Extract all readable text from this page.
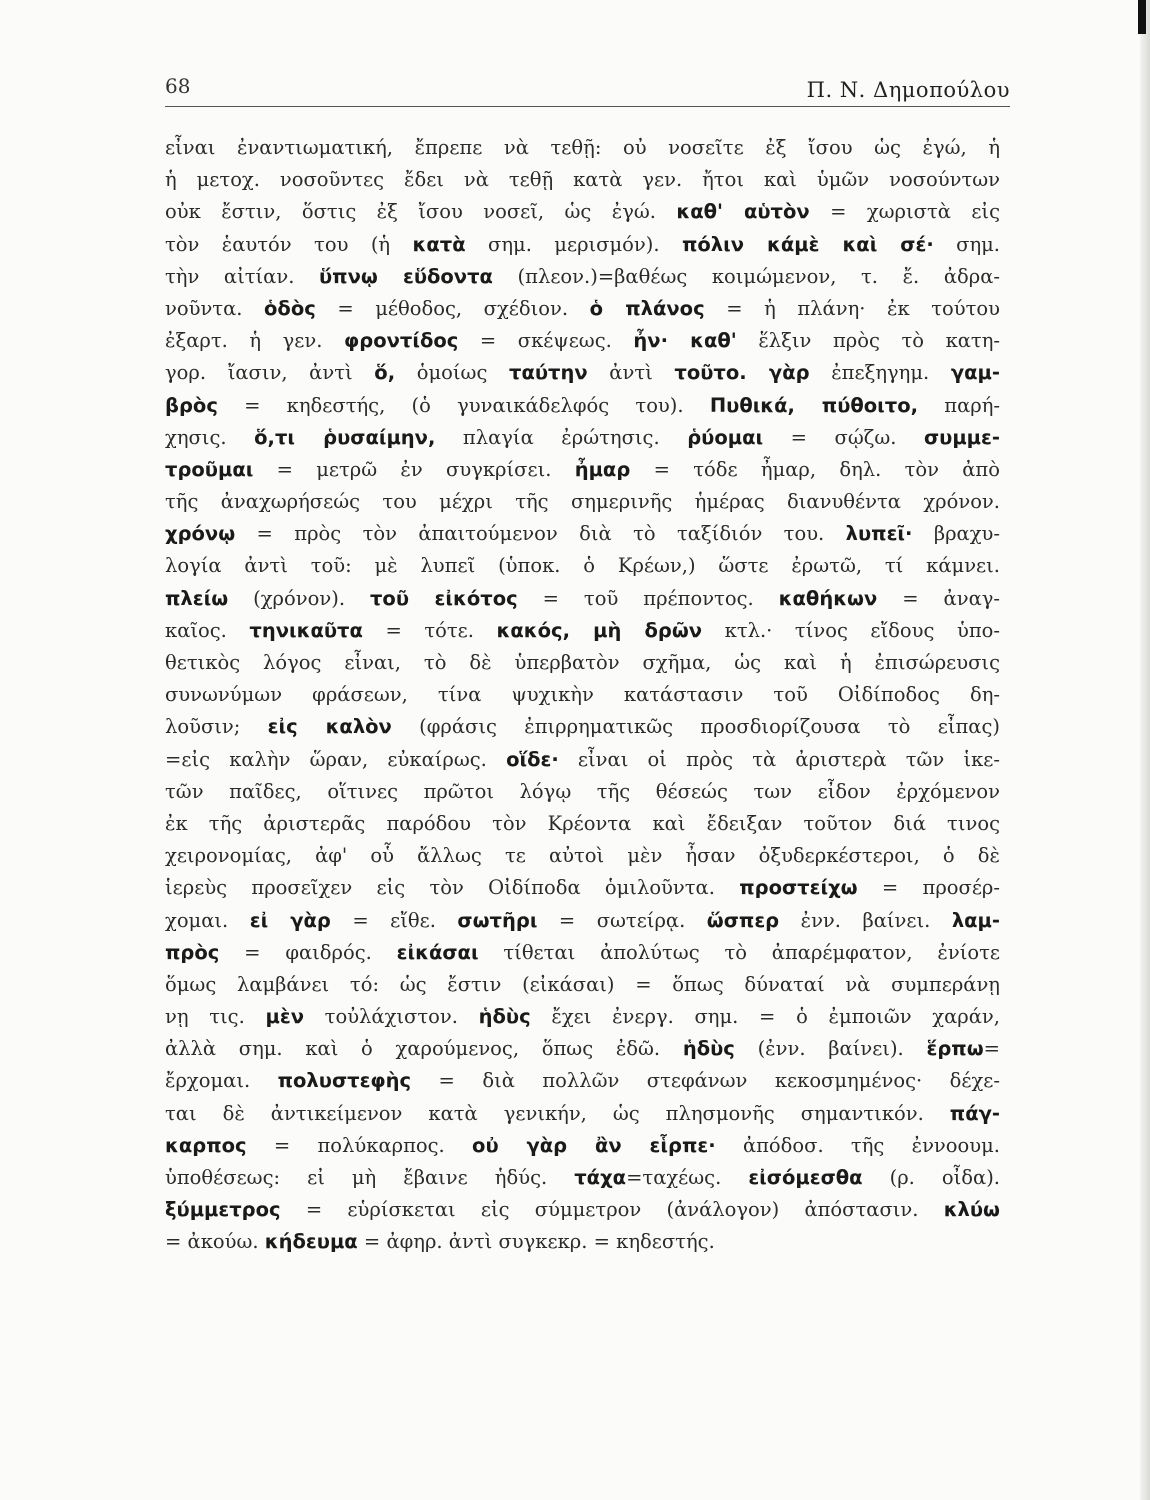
68	Π. Ν. Δημοπούλου
εἶναι ἐναντιωματική, ἔπρεπε νὰ τεθῇ: οὐ νοσεῖτε ἐξ ἴσου ὡς ἐγώ, ἡ
ἡ μετοχ. νοσοῦντες ἔδει νὰ τεθῇ κατὰ γεν. ἤτοι καὶ ὑμῶν νοσούντων
οὐκ ἔστιν, ὅστις ἐξ ἴσου νοσεῖ, ὡς ἐγώ. καθ' αὑτὸν = χωριστὰ εἰς
τὸν ἑαυτόν του (ἡ κατὰ σημ. μερισμόν). πόλιν κάμὲ καὶ σέ· σημ.
τὴν αἰτίαν. ὕπνῳ εὕδοντα (πλεον.)=βαθέως κοιμώμενον, τ. ἔ. ἀδρα-
νοῦντα. ὁδὸς = μέθοδος, σχέδιον. ὁ πλάνος = ἡ πλάνη· ἐκ τούτου
ἐξαρτ. ἡ γεν. φροντίδος = σκέψεως. ἦν· καθ' ἕλξιν πρὸς τὸ κατη-
γορ. ἴασιν, ἀντὶ ὅ, ὁμοίως ταύτην ἀντὶ τοῦτο. γὰρ ἐπεξηγημ. γαμ-
βρὸς = κηδεστής, (ὁ γυναικάδελφός του). Πυθικά, πύθοιτο, παρή-
χησις. ὅ,τι ῥυσαίμην, πλαγία ἐρώτησις. ῥύομαι = σῴζω. συμμε-
τροῦμαι = μετρῶ ἐν συγκρίσει. ἦμαρ = τόδε ἦμαρ, δηλ. τὸν ἀπὸ
τῆς ἀναχωρήσεώς του μέχρι τῆς σημερινῆς ἡμέρας διανυθέντα χρόνον.
χρόνῳ = πρὸς τὸν ἀπαιτούμενον διὰ τὸ ταξίδιόν του. λυπεῖ· βραχυ-
λογία ἀντὶ τοῦ: μὲ λυπεῖ (ὑποκ. ὁ Κρέων,) ὥστε ἐρωτῶ, τί κάμνει.
πλείω (χρόνον). τοῦ εἰκότος = τοῦ πρέποντος. καθήκων = ἀναγ-
καῖος. τηνικαῦτα = τότε. κακός, μὴ δρῶν κτλ.· τίνος εἴδους ὑπο-
θετικὸς λόγος εἶναι, τὸ δὲ ὑπερβατὸν σχῆμα, ὡς καὶ ἡ ἐπισώρευσις
συνωνύμων φράσεων, τίνα ψυχικὴν κατάστασιν τοῦ Οἰδίποδος δη-
λοῦσιν; εἰς καλὸν (φράσις ἐπιρρηματικῶς προσδιορίζουσα τὸ εἶπας)
=εἰς καλὴν ὥραν, εὐκαίρως. οἵδε· εἶναι οἱ πρὸς τὰ ἀριστερὰ τῶν ἱκε-
τῶν παῖδες, οἵτινες πρῶτοι λόγῳ τῆς θέσεώς των εἶδον ἐρχόμενον
ἐκ τῆς ἀριστερᾶς παρόδου τὸν Κρέοντα καὶ ἔδειξαν τοῦτον διά τινος
χειρονομίας, ἀφ' οὗ ἄλλως τε αὐτοὶ μὲν ἦσαν ὀξυδερκέστεροι, ὁ δὲ
ἱερεὺς προσεῖχεν εἰς τὸν Οἰδίποδα ὁμιλοῦντα. προστείχω = προσέρ-
χομαι. εἰ γὰρ = εἴθε. σωτῆρι = σωτείρᾳ. ὥσπερ ἐνν. βαίνει. λαμ-
πρὸς = φαιδρός. εἰκάσαι τίθεται ἀπολύτως τὸ ἀπαρέμφατον, ἐνίοτε
ὅμως λαμβάνει τό: ὡς ἔστιν (εἰκάσαι) = ὅπως δύναταί νὰ συμπεράνῃ
νῃ τις. μὲν τοὐλάχιστον. ἡδὺς ἔχει ἐνεργ. σημ. = ὁ ἐμποιῶν χαράν,
ἀλλὰ σημ. καὶ ὁ χαρούμενος, ὅπως ἐδῶ. ἡδὺς (ἐνν. βαίνει). ἕρπω=
ἔρχομαι. πολυστεφὴς = διὰ πολλῶν στεφάνων κεκοσμημένος· δέχε-
ται δὲ ἀντικείμενον κατὰ γενικήν, ὡς πλησμονῆς σημαντικόν. πάγ-
καρπος = πολύκαρπος. οὐ γὰρ ἂν εἷρπε· ἀπόδοσ. τῆς ἐννοουμ.
ὑποθέσεως: εἰ μὴ ἔβαινε ἡδύς. τάχα=ταχέως. εἰσόμεσθα (ρ. οἶδα).
ξύμμετρος = εὑρίσκεται εἰς σύμμετρον (ἀνάλογον) ἀπόστασιν. κλύω
= ἀκούω. κήδευμα = ἀφηρ. ἀντὶ συγκεκρ. = κηδεστής.
